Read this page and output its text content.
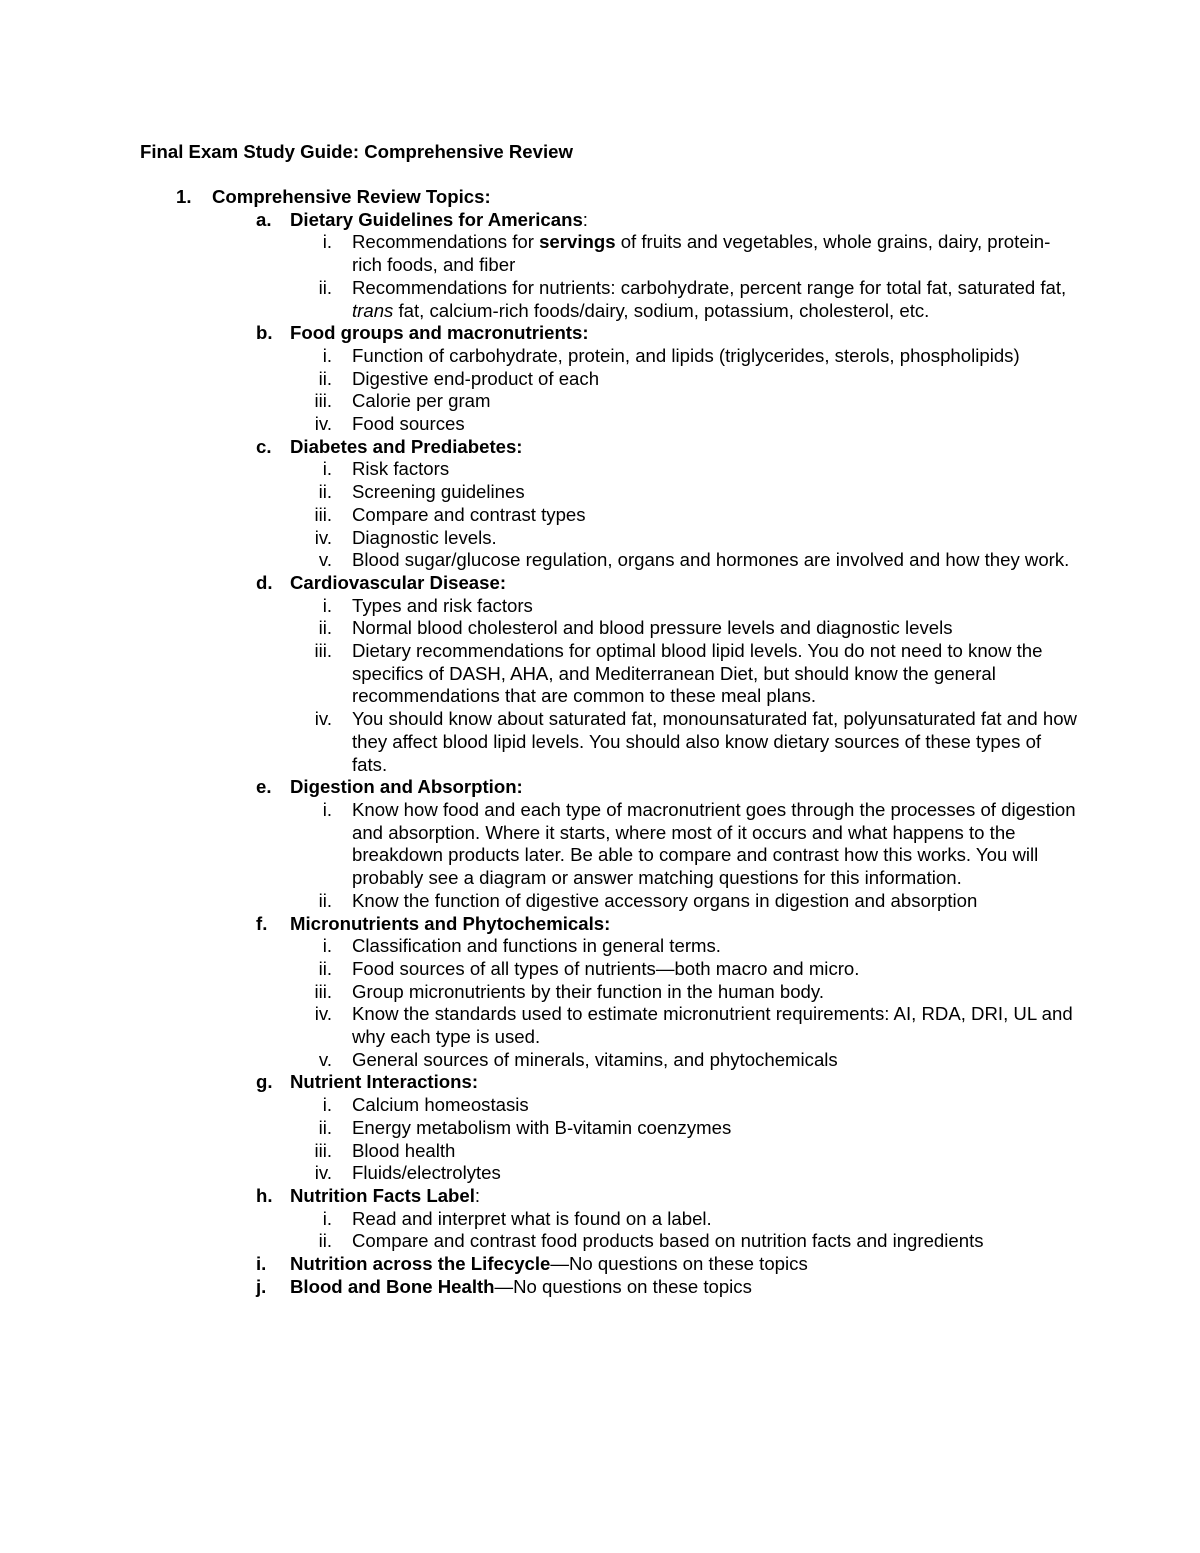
Final Exam Study Guide: Comprehensive Review
1. Comprehensive Review Topics:
a. Dietary Guidelines for Americans:
i. Recommendations for servings of fruits and vegetables, whole grains, dairy, protein-rich foods, and fiber
ii. Recommendations for nutrients: carbohydrate, percent range for total fat, saturated fat, trans fat, calcium-rich foods/dairy, sodium, potassium, cholesterol, etc.
b. Food groups and macronutrients:
i. Function of carbohydrate, protein, and lipids (triglycerides, sterols, phospholipids)
ii. Digestive end-product of each
iii. Calorie per gram
iv. Food sources
c. Diabetes and Prediabetes:
i. Risk factors
ii. Screening guidelines
iii. Compare and contrast types
iv. Diagnostic levels.
v. Blood sugar/glucose regulation, organs and hormones are involved and how they work.
d. Cardiovascular Disease:
i. Types and risk factors
ii. Normal blood cholesterol and blood pressure levels and diagnostic levels
iii. Dietary recommendations for optimal blood lipid levels. You do not need to know the specifics of DASH, AHA, and Mediterranean Diet, but should know the general recommendations that are common to these meal plans.
iv. You should know about saturated fat, monounsaturated fat, polyunsaturated fat and how they affect blood lipid levels. You should also know dietary sources of these types of fats.
e. Digestion and Absorption:
i. Know how food and each type of macronutrient goes through the processes of digestion and absorption. Where it starts, where most of it occurs and what happens to the breakdown products later. Be able to compare and contrast how this works. You will probably see a diagram or answer matching questions for this information.
ii. Know the function of digestive accessory organs in digestion and absorption
f. Micronutrients and Phytochemicals:
i. Classification and functions in general terms.
ii. Food sources of all types of nutrients—both macro and micro.
iii. Group micronutrients by their function in the human body.
iv. Know the standards used to estimate micronutrient requirements: AI, RDA, DRI, UL and why each type is used.
v. General sources of minerals, vitamins, and phytochemicals
g. Nutrient Interactions:
i. Calcium homeostasis
ii. Energy metabolism with B-vitamin coenzymes
iii. Blood health
iv. Fluids/electrolytes
h. Nutrition Facts Label:
i. Read and interpret what is found on a label.
ii. Compare and contrast food products based on nutrition facts and ingredients
i. Nutrition across the Lifecycle—No questions on these topics
j. Blood and Bone Health—No questions on these topics
